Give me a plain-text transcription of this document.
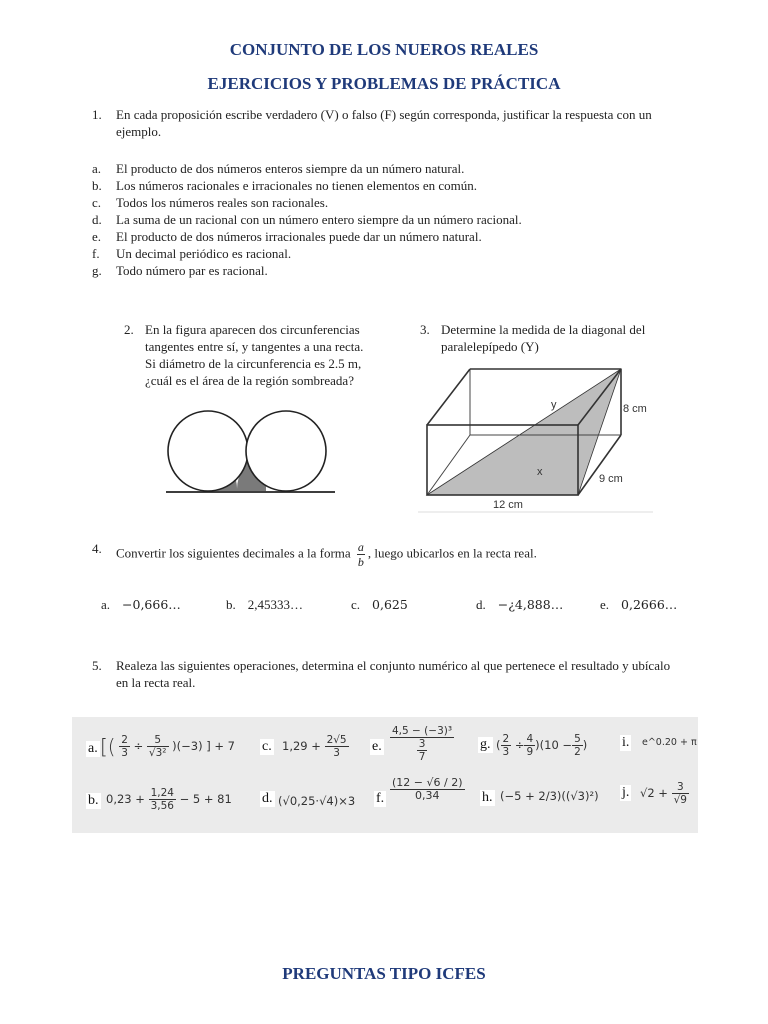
CONJUNTO DE LOS NUEROS REALES
EJERCICIOS Y PROBLEMAS DE PRÁCTICA
1. En cada proposición escribe verdadero (V) o falso (F) según corresponda, justificar la respuesta con un ejemplo.
a. El producto de dos números enteros siempre da un número natural.
b. Los números racionales e irracionales no tienen elementos en común.
c. Todos los números reales son racionales.
d. La suma de un racional con un número entero siempre da un número racional.
e. El producto de dos números irracionales puede dar un número natural.
f. Un decimal periódico es racional.
g. Todo número par es racional.
2. En la figura aparecen dos circunferencias
tangentes entre sí, y tangentes a una recta.
Si diámetro de la circunferencia es 2.5 m,
¿cuál es el área de la región sombreada?
3. Determine la medida de la diagonal del
paralelepípedo (Y)
y
x
8 cm
9 cm
12 cm
4. Convertir los siguientes decimales a la forma $\frac{a}{b}$ , luego ubicarlos en la recta real.
a. −0,666…	b. 2,45333…	c. 0,625	d. −¿4,888…	e. 0,2666…
5. Realeza las siguientes operaciones, determina el conjunto numérico al que pertenece el resultado y ubícalo en la recta real.
a. [( $\frac{2}{3} \div \frac{5}{\text{√3²}} )(-3)$ ] + 7 c. $1,29 + \frac{2√5}{3} e$. $\frac{\text{4,5 − (−3)³}}{\frac{3}{7}} g$. ( $\frac{2}{3} \div \frac{4}{9} )(10 - \frac{5}{2}$ ) i. e^0.20 + π
b. $0,23 + \frac{1,24}{3,56} - 5 + 81$ d. (√0,25·√4)×3 f. $\frac{(12 - √6 / 2)}{0,34} h$. (−5 + 2/3)((√3)²) j. $√2 + \frac{3}{√9}$
PREGUNTAS TIPO ICFES
